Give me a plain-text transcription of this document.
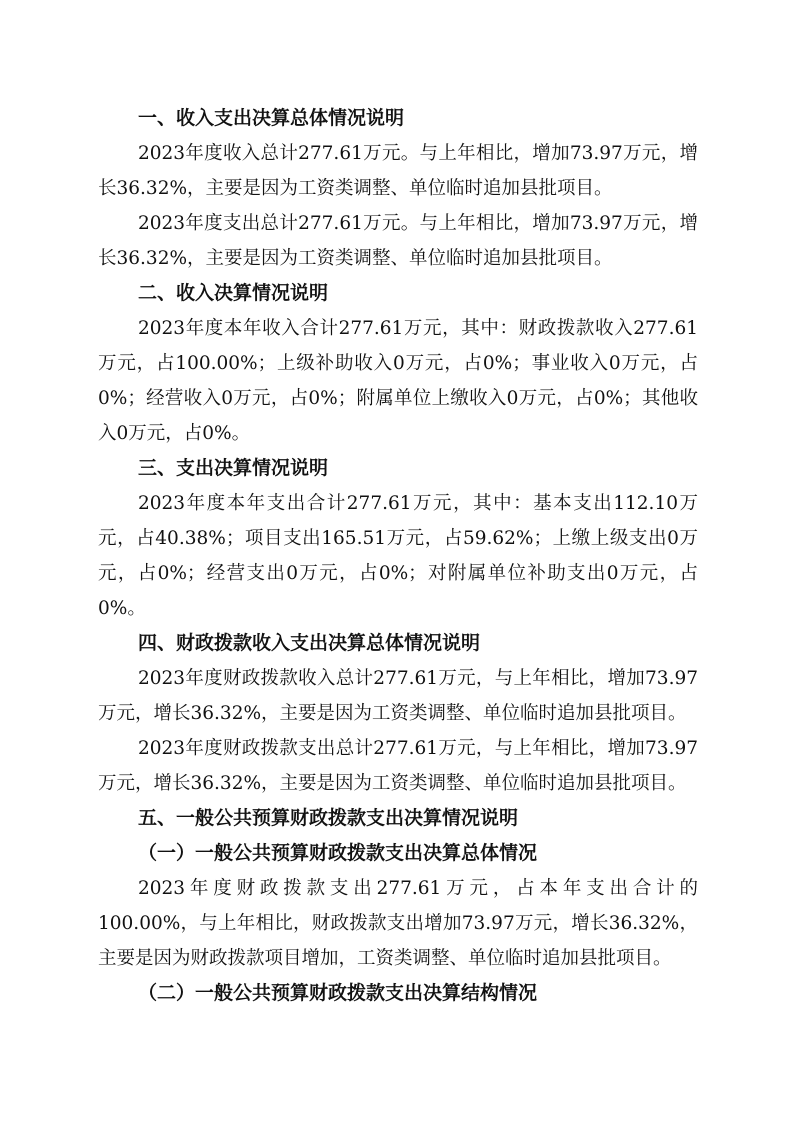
一、收入支出决算总体情况说明
2023年度收入总计277.61万元。与上年相比，增加73.97万元，增长36.32%，主要是因为工资类调整、单位临时追加县批项目。
2023年度支出总计277.61万元。与上年相比，增加73.97万元，增长36.32%，主要是因为工资类调整、单位临时追加县批项目。
二、收入决算情况说明
2023年度本年收入合计277.61万元，其中：财政拨款收入277.61万元，占100.00%；上级补助收入0万元，占0%；事业收入0万元，占0%；经营收入0万元，占0%；附属单位上缴收入0万元，占0%；其他收入0万元，占0%。
三、支出决算情况说明
2023年度本年支出合计277.61万元，其中：基本支出112.10万元，占40.38%；项目支出165.51万元，占59.62%；上缴上级支出0万元，占0%；经营支出0万元，占0%；对附属单位补助支出0万元，占0%。
四、财政拨款收入支出决算总体情况说明
2023年度财政拨款收入总计277.61万元，与上年相比，增加73.97万元，增长36.32%，主要是因为工资类调整、单位临时追加县批项目。
2023年度财政拨款支出总计277.61万元，与上年相比，增加73.97万元，增长36.32%，主要是因为工资类调整、单位临时追加县批项目。
五、一般公共预算财政拨款支出决算情况说明
（一）一般公共预算财政拨款支出决算总体情况
2023年度财政拨款支出277.61万元，占本年支出合计的100.00%，与上年相比，财政拨款支出增加73.97万元，增长36.32%，主要是因为财政拨款项目增加，工资类调整、单位临时追加县批项目。
（二）一般公共预算财政拨款支出决算结构情况
